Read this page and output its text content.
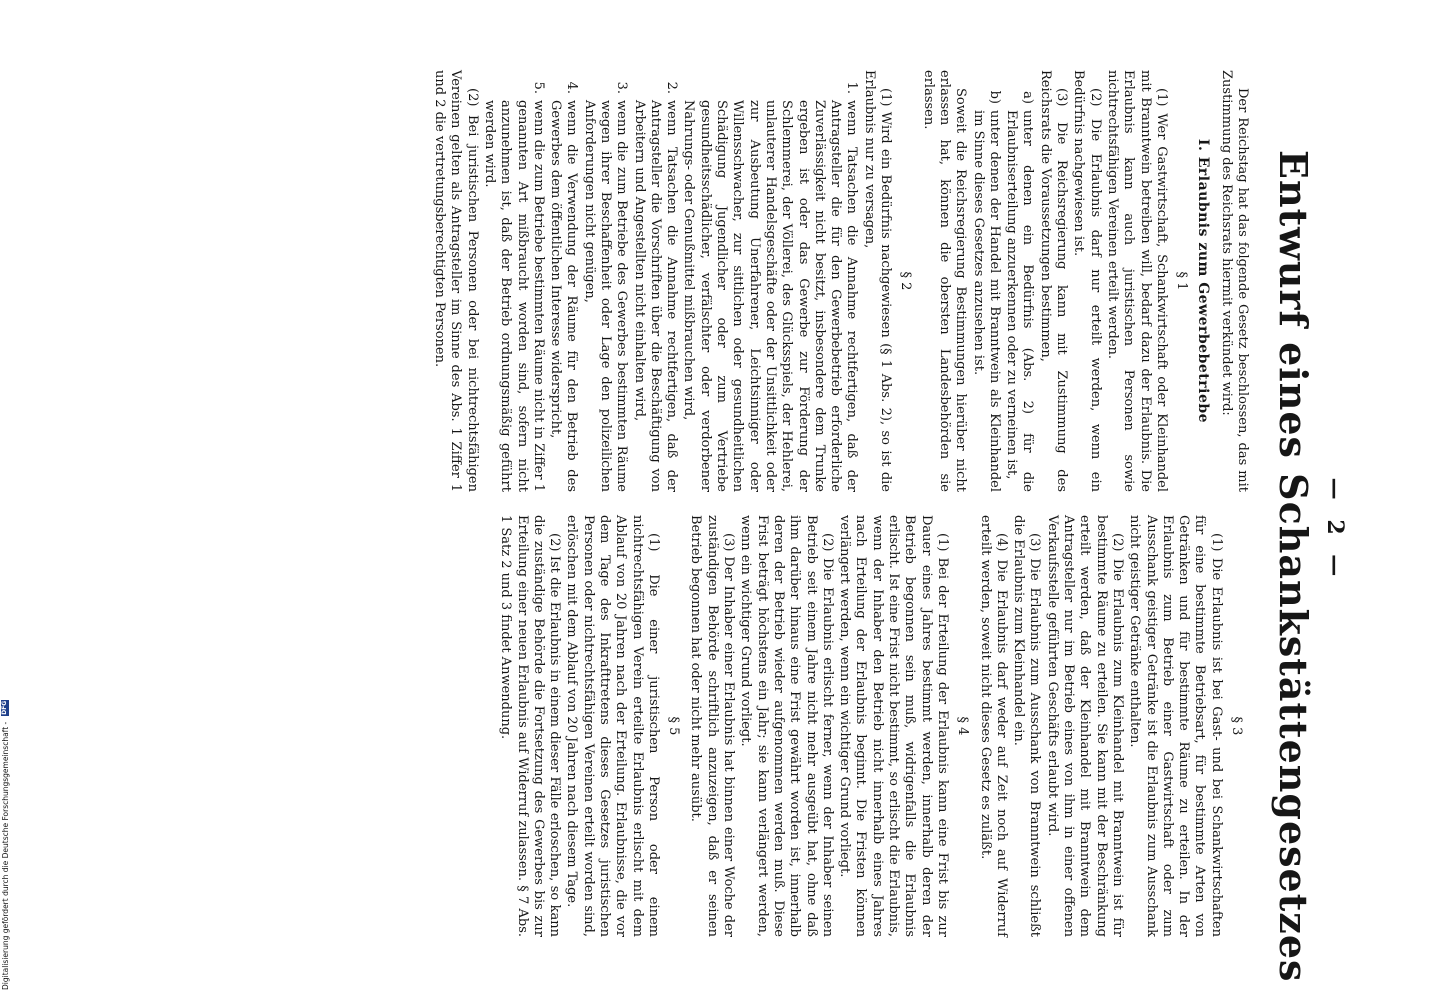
— 2 —
Entwurf eines Schankstättengesetzes

Der Reichstag hat das folgende Gesetz beschlossen, das mit Zustimmung des Reichsrats hiermit verkündet wird:

I. Erlaubnis zum Gewerbebetriebe
§ 1

(1) Wer Gastwirtschaft, Schankwirtschaft oder Kleinhandel mit Branntwein betreiben will, bedarf dazu der Erlaubnis. Die Erlaubnis kann auch juristischen Personen sowie nichtrechtsfähigen Vereinen erteilt werden.

(2) Die Erlaubnis darf nur erteilt werden, wenn ein Bedürfnis nachgewiesen ist.

(3) Die Reichsregierung kann mit Zustimmung des Reichsrats die Voraussetzungen bestimmen,

a)
unter denen ein Bedürfnis (Abs. 2) für die Erlaubniserteilung anzuerkennen oder zu verneinen ist,
b)
unter denen der Handel mit Branntwein als Kleinhandel im Sinne dieses Gesetzes anzusehen ist.

Soweit die Reichsregierung Bestimmungen hierüber nicht erlassen hat, können die obersten Landesbehörden sie erlassen.

§ 2

(1) Wird ein Bedürfnis nachgewiesen (§ 1 Abs. 2), so ist die Erlaubnis nur zu versagen,

1.
wenn Tatsachen die Annahme rechtfertigen, daß der Antragsteller die für den Gewerbebetrieb erforderliche Zuverlässigkeit nicht besitzt, insbesondere dem Trunke ergeben ist oder das Gewerbe zur Förderung der Schlemmerei, der Völlerei, des Glücksspiels, der Hehlerei, unlauterer Handelsgeschäfte oder der Unsittlichkeit oder zur Ausbeutung Unerfahrener, Leichtsinniger oder Willensschwacher, zur sittlichen oder gesundheitlichen Schädigung Jugendlicher oder zum Vertriebe gesundheitsschädlicher, verfälschter oder verdorbener Nahrungs- oder Genußmittel mißbrauchen wird,
2.
wenn Tatsachen die Annahme rechtfertigen, daß der Antragsteller die Vorschriften über die Beschäftigung von Arbeitern und Angestellten nicht einhalten wird,
3.
wenn die zum Betriebe des Gewerbes bestimmten Räume wegen ihrer Beschaffenheit oder Lage den polizeilichen Anforderungen nicht genügen,
4.
wenn die Verwendung der Räume für den Betrieb des Gewerbes dem öffentlichen Interesse widerspricht,
5.
wenn die zum Betriebe bestimmten Räume nicht in Ziffer 1 genannten Art mißbraucht worden sind, sofern nicht anzunehmen ist, daß der Betrieb ordnungsmäßig geführt werden wird.

(2) Bei juristischen Personen oder bei nichtrechtsfähigen Vereinen gelten als Antragsteller im Sinne des Abs. 1 Ziffer 1 und 2 die vertretungsberechtigten Personen.

§ 3

(1) Die Erlaubnis ist bei Gast- und bei Schankwirtschaften für eine bestimmte Betriebsart, für bestimmte Arten von Getränken und für bestimmte Räume zu erteilen. In der Erlaubnis zum Betrieb einer Gastwirtschaft oder zum Ausschank geistiger Getränke ist die Erlaubnis zum Ausschank nicht geistiger Getränke enthalten.

(2) Die Erlaubnis zum Kleinhandel mit Branntwein ist für bestimmte Räume zu erteilen. Sie kann mit der Beschränkung erteilt werden, daß der Kleinhandel mit Branntwein dem Antragsteller nur im Betrieb eines von ihm in einer offenen Verkaufsstelle geführten Geschäfts erlaubt wird.

(3) Die Erlaubnis zum Ausschank von Branntwein schließt die Erlaubnis zum Kleinhandel ein.

(4) Die Erlaubnis darf weder auf Zeit noch auf Widerruf erteilt werden, soweit nicht dieses Gesetz es zuläßt.

§ 4

(1) Bei der Erteilung der Erlaubnis kann eine Frist bis zur Dauer eines Jahres bestimmt werden, innerhalb deren der Betrieb begonnen sein muß, widrigenfalls die Erlaubnis erlischt. Ist eine Frist nicht bestimmt, so erlischt die Erlaubnis, wenn der Inhaber den Betrieb nicht innerhalb eines Jahres nach Erteilung der Erlaubnis beginnt. Die Fristen können verlängert werden, wenn ein wichtiger Grund vorliegt.

(2) Die Erlaubnis erlischt ferner, wenn der Inhaber seinen Betrieb seit einem Jahre nicht mehr ausgeübt hat, ohne daß ihm darüber hinaus eine Frist gewährt worden ist, innerhalb deren der Betrieb wieder aufgenommen werden muß. Diese Frist beträgt höchstens ein Jahr; sie kann verlängert werden, wenn ein wichtiger Grund vorliegt.

(3) Der Inhaber einer Erlaubnis hat binnen einer Woche der zuständigen Behörde schriftlich anzuzeigen, daß er seinen Betrieb begonnen hat oder nicht mehr ausübt.

§ 5

(1) Die einer juristischen Person oder einem nichtrechtsfähigen Verein erteilte Erlaubnis erlischt mit dem Ablauf von 20 Jahren nach der Erteilung. Erlaubnisse, die vor dem Tage des Inkrafttretens dieses Gesetzes juristischen Personen oder nichtrechtsfähigen Vereinen erteilt worden sind, erlöschen mit dem Ablauf von 20 Jahren nach diesem Tage.

(2) Ist die Erlaubnis in einem dieser Fälle erloschen, so kann die zuständige Behörde die Fortsetzung des Gewerbes bis zur Erteilung einer neuen Erlaubnis auf Widerruf zulassen. § 7 Abs. 1 Satz 2 und 3 findet Anwendung.

Digitalisierung gefördert durch die Deutsche Forschungsgemeinschaft -
DFG
